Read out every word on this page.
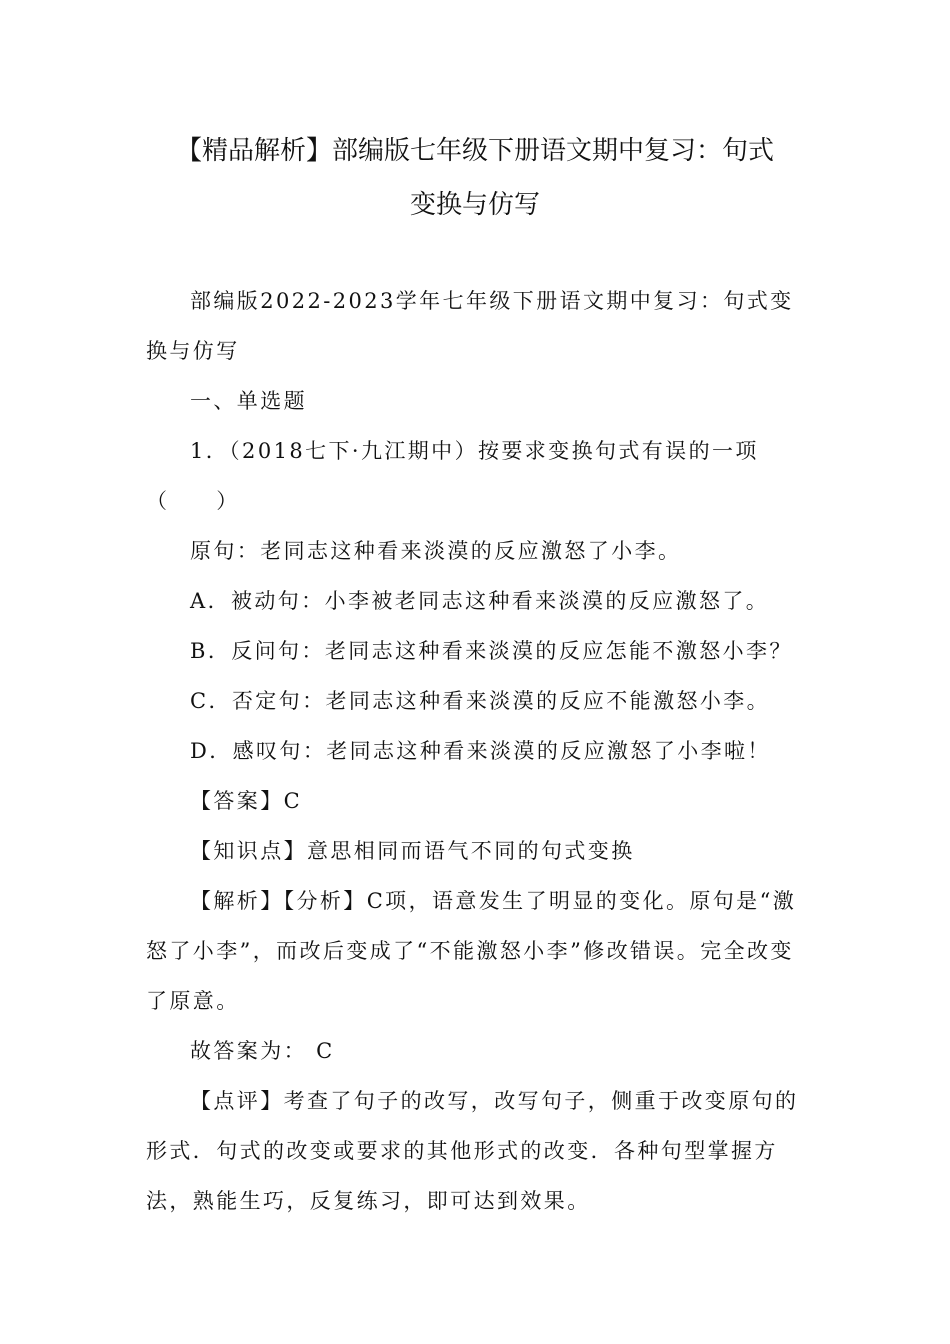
【精品解析】部编版七年级下册语文期中复习：句式
变换与仿写

部编版2022-2023学年七年级下册语文期中复习：句式变换与仿写

一、单选题

1．（2018七下·九江期中）按要求变换句式有误的一项（　　）

原句：老同志这种看来淡漠的反应激怒了小李。

A．被动句：小李被老同志这种看来淡漠的反应激怒了。

B．反问句：老同志这种看来淡漠的反应怎能不激怒小李？

C．否定句：老同志这种看来淡漠的反应不能激怒小李。

D．感叹句：老同志这种看来淡漠的反应激怒了小李啦！

【答案】C

【知识点】意思相同而语气不同的句式变换

【解析】【分析】C项，语意发生了明显的变化。原句是“激怒了小李”，而改后变成了“不能激怒小李”修改错误。完全改变了原意。

故答案为： C

【点评】考查了句子的改写，改写句子，侧重于改变原句的形式．句式的改变或要求的其他形式的改变．各种句型掌握方法，熟能生巧，反复练习，即可达到效果。
